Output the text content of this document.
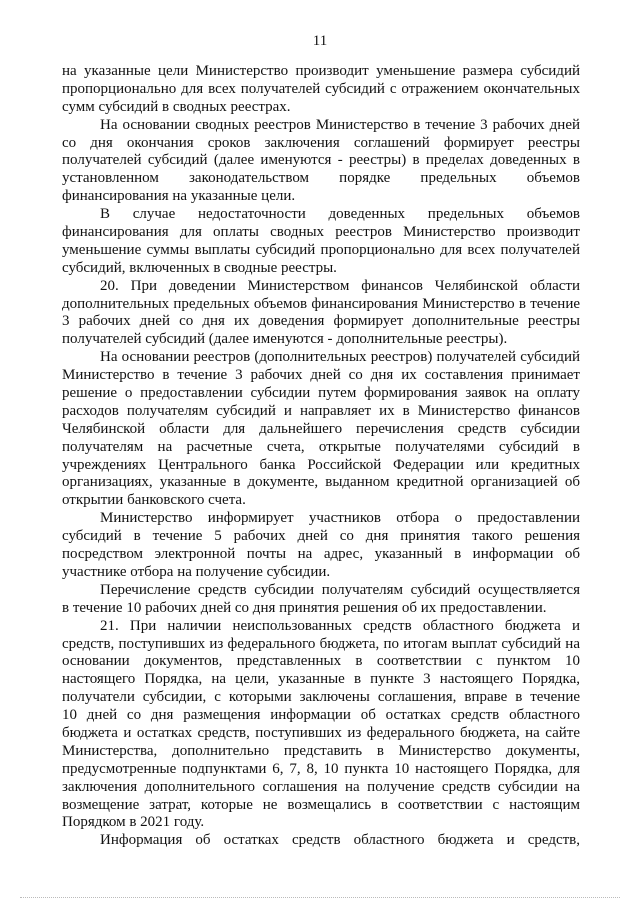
11
на указанные цели Министерство производит уменьшение размера субсидий
пропорционально для всех получателей субсидий с отражением окончательных
сумм субсидий в сводных реестрах.
На основании сводных реестров Министерство в течение 3 рабочих дней
со дня окончания сроков заключения соглашений формирует реестры
получателей субсидий (далее именуются - реестры) в пределах доведенных в
установленном законодательством порядке предельных объемов
финансирования на указанные цели.
В случае недостаточности доведенных предельных объемов
финансирования для оплаты сводных реестров Министерство производит
уменьшение суммы выплаты субсидий пропорционально для всех получателей
субсидий, включенных в сводные реестры.
20. При доведении Министерством финансов Челябинской области
дополнительных предельных объемов финансирования Министерство в течение
3 рабочих дней со дня их доведения формирует дополнительные реестры
получателей субсидий (далее именуются - дополнительные реестры).
На основании реестров (дополнительных реестров) получателей субсидий
Министерство в течение 3 рабочих дней со дня их составления принимает
решение о предоставлении субсидии путем формирования заявок на оплату
расходов получателям субсидий и направляет их в Министерство финансов
Челябинской области для дальнейшего перечисления средств субсидии
получателям на расчетные счета, открытые получателями субсидий в
учреждениях Центрального банка Российской Федерации или кредитных
организациях, указанные в документе, выданном кредитной организацией об
открытии банковского счета.
Министерство информирует участников отбора о предоставлении
субсидий в течение 5 рабочих дней со дня принятия такого решения
посредством электронной почты на адрес, указанный в информации об
участнике отбора на получение субсидии.
Перечисление средств субсидии получателям субсидий осуществляется
в течение 10 рабочих дней со дня принятия решения об их предоставлении.
21. При наличии неиспользованных средств областного бюджета и
средств, поступивших из федерального бюджета, по итогам выплат субсидий на
основании документов, представленных в соответствии с пунктом 10
настоящего Порядка, на цели, указанные в пункте 3 настоящего Порядка,
получатели субсидии, с которыми заключены соглашения, вправе в течение
10 дней со дня размещения информации об остатках средств областного
бюджета и остатках средств, поступивших из федерального бюджета, на сайте
Министерства, дополнительно представить в Министерство документы,
предусмотренные подпунктами 6, 7, 8, 10 пункта 10 настоящего Порядка, для
заключения дополнительного соглашения на получение средств субсидии на
возмещение затрат, которые не возмещались в соответствии с настоящим
Порядком в 2021 году.
Информация об остатках средств областного бюджета и средств,
